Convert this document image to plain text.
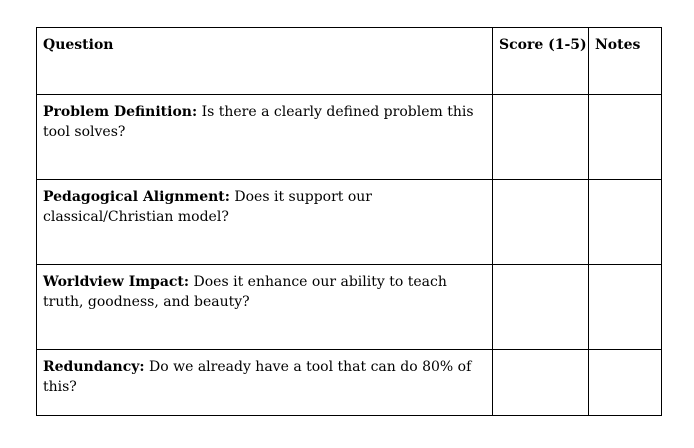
Question	Score (1-5)	Notes
Problem Definition: Is there a clearly defined problem this tool solves?		
Pedagogical Alignment: Does it support our classical/Christian model?		
Worldview Impact: Does it enhance our ability to teach truth, goodness, and beauty?		
Redundancy: Do we already have a tool that can do 80% of this?		
